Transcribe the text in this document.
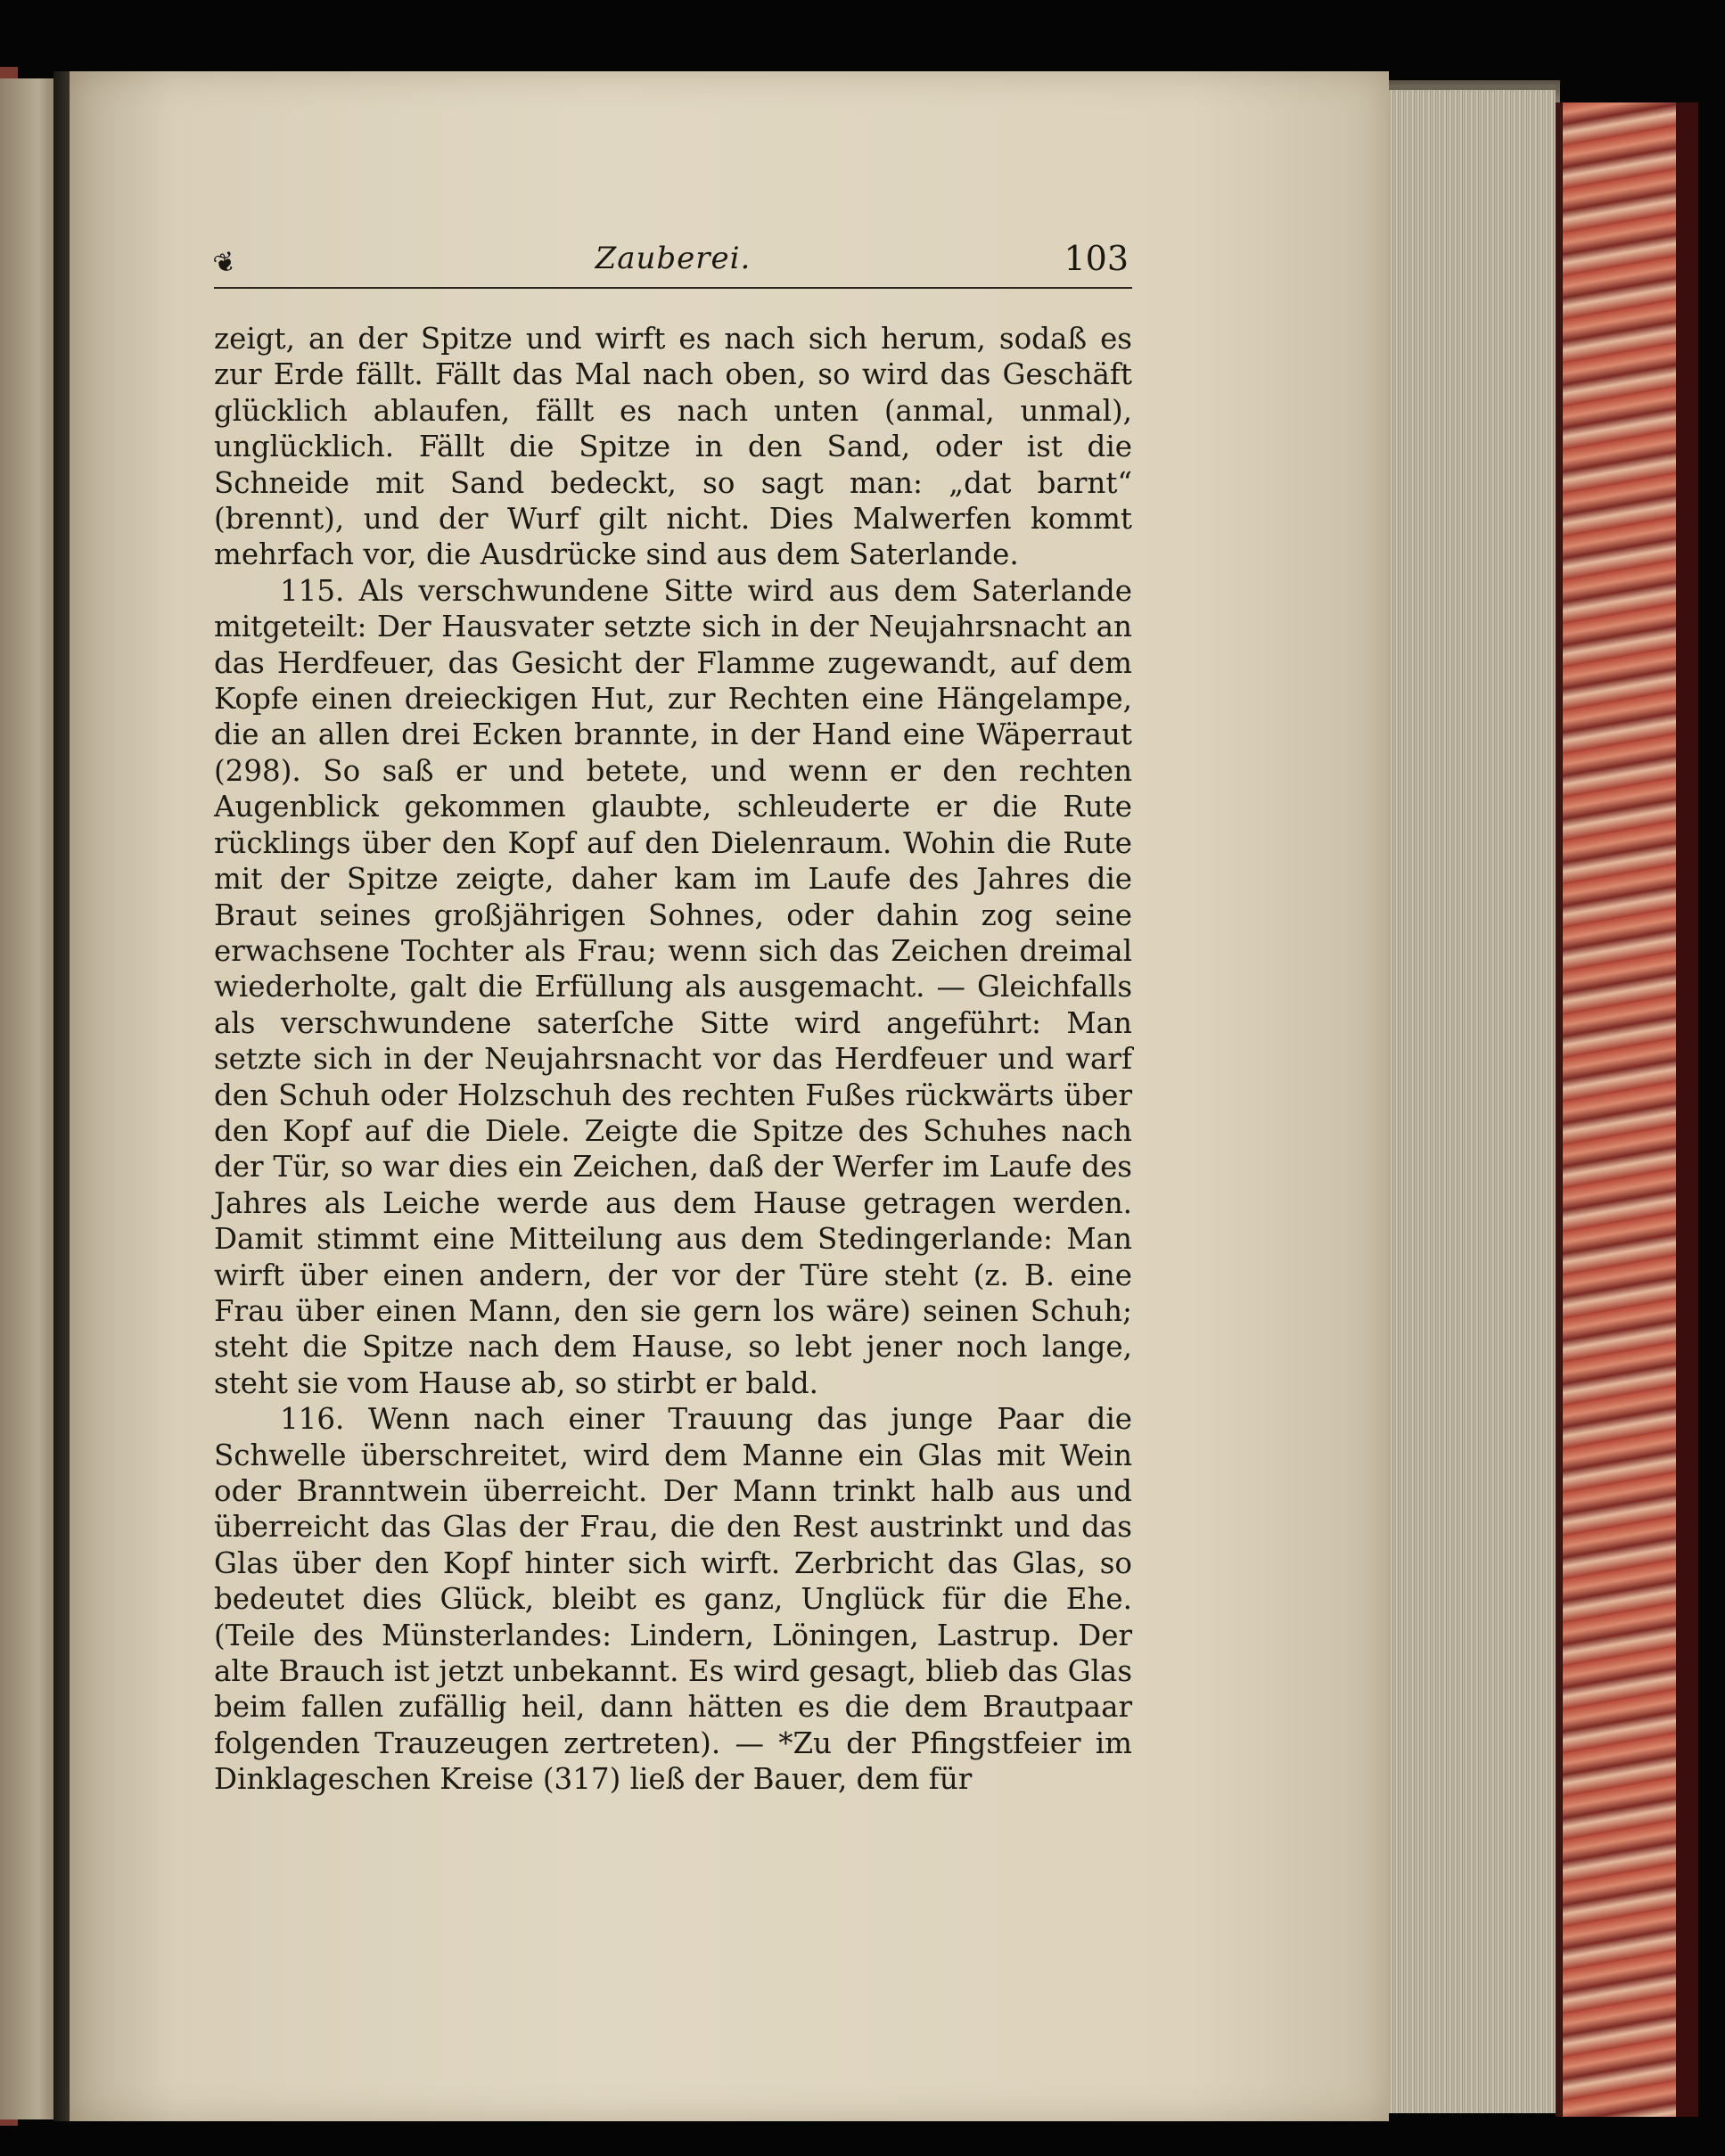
❦	Zauberei.	103

zeigt, an der Spitze und wirft es nach sich herum, sodaß es zur Erde fällt. Fällt das Mal nach oben, so wird das Geschäft glücklich ablaufen, fällt es nach unten (anmal, unmal), unglücklich. Fällt die Spitze in den Sand, oder ist die Schneide mit Sand bedeckt, so sagt man: „dat barnt“ (brennt), und der Wurf gilt nicht. Dies Malwerfen kommt mehrfach vor, die Ausdrücke sind aus dem Saterlande.

115. Als verschwundene Sitte wird aus dem Saterlande mitgeteilt: Der Hausvater setzte sich in der Neujahrsnacht an das Herdfeuer, das Gesicht der Flamme zugewandt, auf dem Kopfe einen dreieckigen Hut, zur Rechten eine Hängelampe, die an allen drei Ecken brannte, in der Hand eine Wäperraut (298). So saß er und betete, und wenn er den rechten Augenblick gekommen glaubte, schleuderte er die Rute rücklings über den Kopf auf den Dielenraum. Wohin die Rute mit der Spitze zeigte, daher kam im Laufe des Jahres die Braut seines großjährigen Sohnes, oder dahin zog seine erwachsene Tochter als Frau; wenn sich das Zeichen dreimal wiederholte, galt die Erfüllung als ausgemacht. — Gleichfalls als verschwundene saterſche Sitte wird angeführt: Man setzte sich in der Neujahrsnacht vor das Herdfeuer und warf den Schuh oder Holzschuh des rechten Fußes rückwärts über den Kopf auf die Diele. Zeigte die Spitze des Schuhes nach der Tür, so war dies ein Zeichen, daß der Werfer im Laufe des Jahres als Leiche werde aus dem Hause getragen werden. Damit stimmt eine Mitteilung aus dem Stedingerlande: Man wirft über einen andern, der vor der Türe steht (z. B. eine Frau über einen Mann, den sie gern los wäre) seinen Schuh; steht die Spitze nach dem Hause, so lebt jener noch lange, steht sie vom Hause ab, so stirbt er bald.

116. Wenn nach einer Trauung das junge Paar die Schwelle überschreitet, wird dem Manne ein Glas mit Wein oder Branntwein überreicht. Der Mann trinkt halb aus und überreicht das Glas der Frau, die den Rest austrinkt und das Glas über den Kopf hinter sich wirft. Zerbricht das Glas, so bedeutet dies Glück, bleibt es ganz, Unglück für die Ehe. (Teile des Münsterlandes: Lindern, Löningen, Lastrup. Der alte Brauch ist jetzt unbekannt. Es wird gesagt, blieb das Glas beim fallen zufällig heil, dann hätten es die dem Brautpaar folgenden Trauzeugen zertreten). — *Zu der Pfingstfeier im Dinklageschen Kreise (317) ließ der Bauer, dem für
